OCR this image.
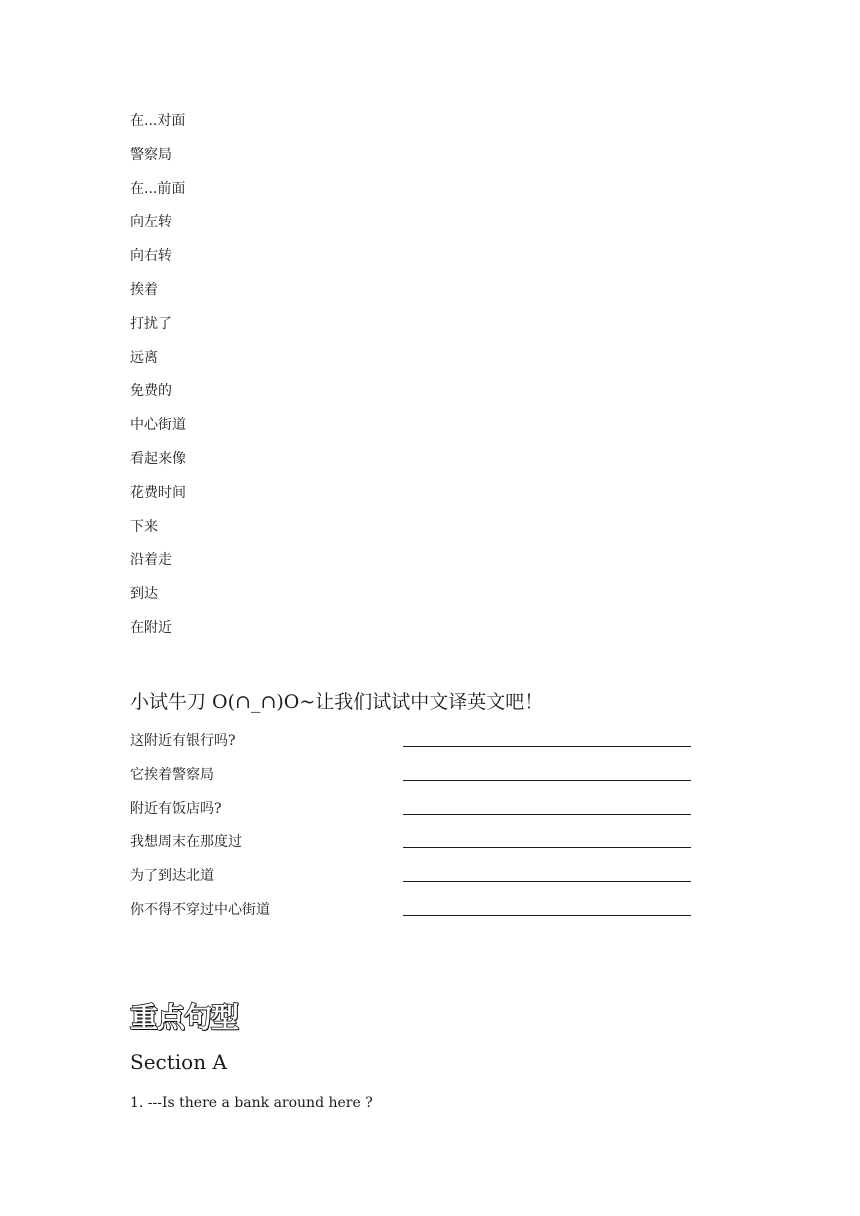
在...对面
警察局
在...前面
向左转
向右转
挨着
打扰了
远离
免费的
中心街道
看起来像
花费时间
下来
沿着走
到达
在附近
小试牛刀 O(∩_∩)O~让我们试试中文译英文吧！
这附近有银行吗?
它挨着警察局
附近有饭店吗?
我想周末在那度过
为了到达北道
你不得不穿过中心街道
重点句型
Section A
1. ---Is there a bank around here ?
